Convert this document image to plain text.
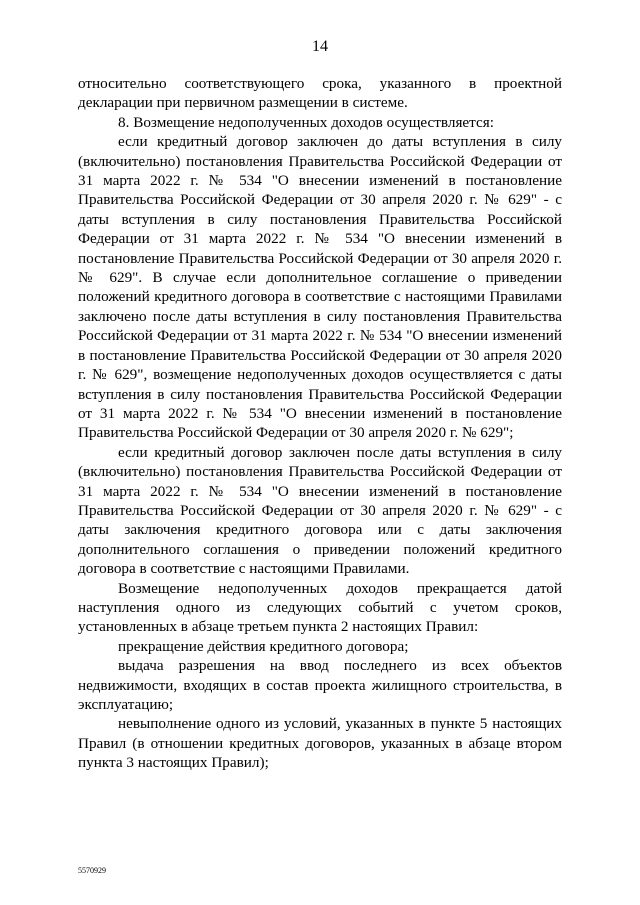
14

относительно соответствующего срока, указанного в проектной декларации при первичном размещении в системе.

8. Возмещение недополученных доходов осуществляется:

если кредитный договор заключен до даты вступления в силу (включительно) постановления Правительства Российской Федерации от 31 марта 2022 г. № 534 "О внесении изменений в постановление Правительства Российской Федерации от 30 апреля 2020 г. № 629" - с даты вступления в силу постановления Правительства Российской Федерации от 31 марта 2022 г. № 534 "О внесении изменений в постановление Правительства Российской Федерации от 30 апреля 2020 г. № 629". В случае если дополнительное соглашение о приведении положений кредитного договора в соответствие с настоящими Правилами заключено после даты вступления в силу постановления Правительства Российской Федерации от 31 марта 2022 г. № 534 "О внесении изменений в постановление Правительства Российской Федерации от 30 апреля 2020 г. № 629", возмещение недополученных доходов осуществляется с даты вступления в силу постановления Правительства Российской Федерации от 31 марта 2022 г. № 534 "О внесении изменений в постановление Правительства Российской Федерации от 30 апреля 2020 г. № 629";

если кредитный договор заключен после даты вступления в силу (включительно) постановления Правительства Российской Федерации от 31 марта 2022 г. № 534 "О внесении изменений в постановление Правительства Российской Федерации от 30 апреля 2020 г. № 629" - с даты заключения кредитного договора или с даты заключения дополнительного соглашения о приведении положений кредитного договора в соответствие с настоящими Правилами.

Возмещение недополученных доходов прекращается датой наступления одного из следующих событий с учетом сроков, установленных в абзаце третьем пункта 2 настоящих Правил:

прекращение действия кредитного договора;

выдача разрешения на ввод последнего из всех объектов недвижимости, входящих в состав проекта жилищного строительства, в эксплуатацию;

невыполнение одного из условий, указанных в пункте 5 настоящих Правил (в отношении кредитных договоров, указанных в абзаце втором пункта 3 настоящих Правил);

5570929
